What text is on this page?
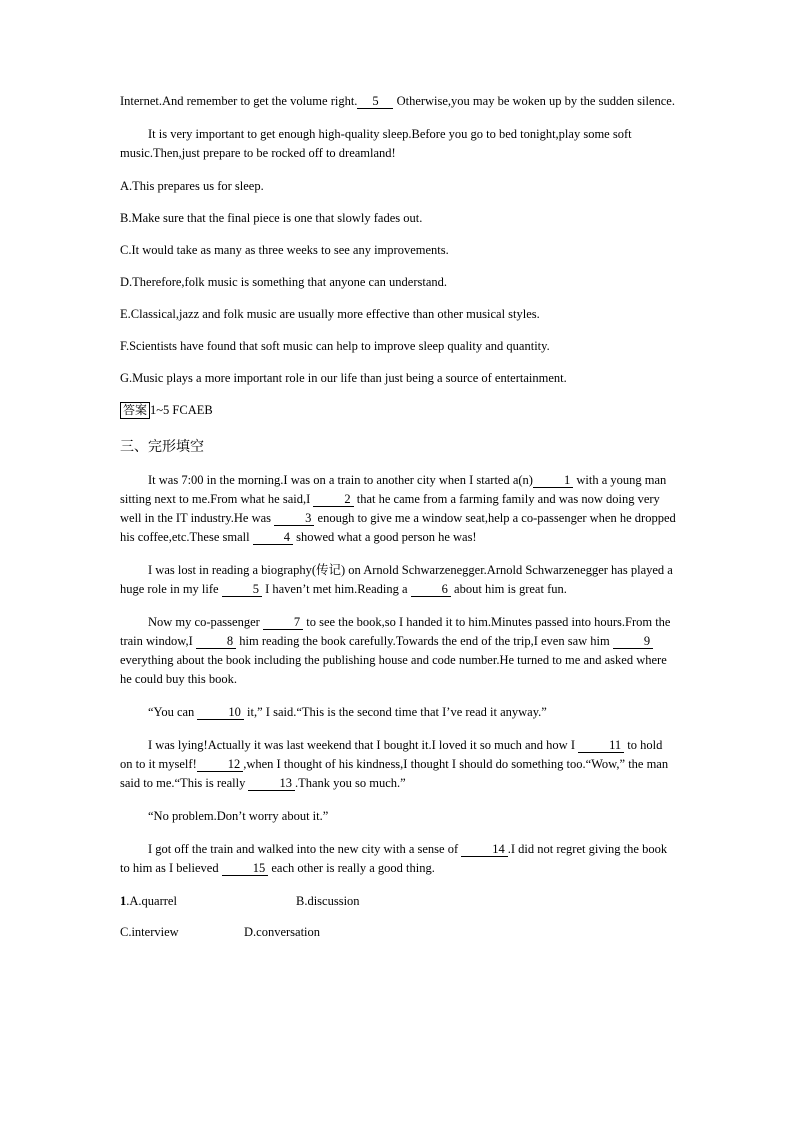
Internet.And remember to get the volume right. 5 Otherwise,you may be woken up by the sudden silence.

It is very important to get enough high-quality sleep.Before you go to bed tonight,play some soft music.Then,just prepare to be rocked off to dreamland!

A.This prepares us for sleep.

B.Make sure that the final piece is one that slowly fades out.

C.It would take as many as three weeks to see any improvements.

D.Therefore,folk music is something that anyone can understand.

E.Classical,jazz and folk music are usually more effective than other musical styles.

F.Scientists have found that soft music can help to improve sleep quality and quantity.

G.Music plays a more important role in our life than just being a source of entertainment.

答案 1~5 FCAEB

三、完形填空

It was 7:00 in the morning.I was on a train to another city when I started a(n) 1 with a young man sitting next to me.From what he said,I 2 that he came from a farming family and was now doing very well in the IT industry.He was 3 enough to give me a window seat,help a co-passenger when he dropped his coffee,etc.These small 4 showed what a good person he was!

I was lost in reading a biography(传记) on Arnold Schwarzenegger.Arnold Schwarzenegger has played a huge role in my life 5 I haven’t met him.Reading a 6 about him is great fun.

Now my co-passenger 7 to see the book,so I handed it to him.Minutes passed into hours.From the train window,I 8 him reading the book carefully.Towards the end of the trip,I even saw him 9 everything about the book including the publishing house and code number.He turned to me and asked where he could buy this book.

“You can 10 it,” I said.“This is the second time that I’ve read it anyway.”

I was lying!Actually it was last weekend that I bought it.I loved it so much and how I 11 to hold on to it myself! 12 ,when I thought of his kindness,I thought I should do something too.“Wow,” the man said to me.“This is really 13 .Thank you so much.”

“No problem.Don’t worry about it.”

I got off the train and walked into the new city with a sense of 14 .I did not regret giving the book to him as I believed 15 each other is really a good thing.

1.A.quarrel	B.discussion
C.interview	D.conversation
